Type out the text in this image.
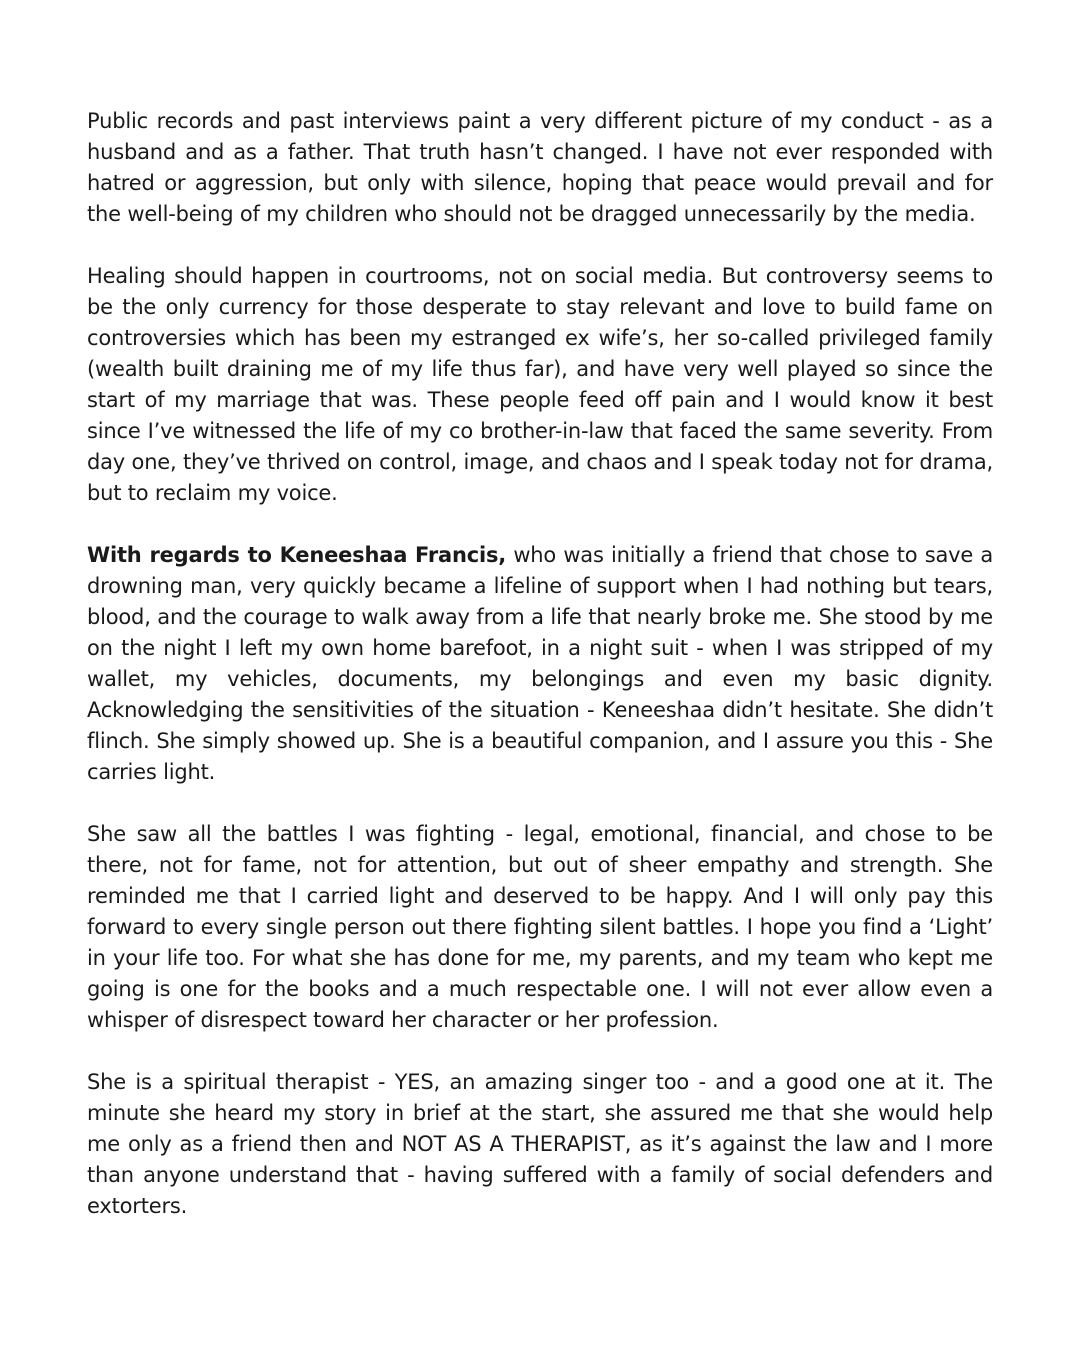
Public records and past interviews paint a very different picture of my conduct - as a husband and as a father. That truth hasn’t changed. I have not ever responded with hatred or aggression, but only with silence, hoping that peace would prevail and for the well-being of my children who should not be dragged unnecessarily by the media.

Healing should happen in courtrooms, not on social media. But controversy seems to be the only currency for those desperate to stay relevant and love to build fame on controversies which has been my estranged ex wife’s, her so-called privileged family (wealth built draining me of my life thus far), and have very well played so since the start of my marriage that was. These people feed off pain and I would know it best since I’ve witnessed the life of my co brother-in-law that faced the same severity. From day one, they’ve thrived on control, image, and chaos and I speak today not for drama, but to reclaim my voice.

With regards to Keneeshaa Francis, who was initially a friend that chose to save a drowning man, very quickly became a lifeline of support when I had nothing but tears, blood, and the courage to walk away from a life that nearly broke me. She stood by me on the night I left my own home barefoot, in a night suit - when I was stripped of my wallet, my vehicles, documents, my belongings and even my basic dignity. Acknowledging the sensitivities of the situation - Keneeshaa didn’t hesitate. She didn’t flinch. She simply showed up. She is a beautiful companion, and I assure you this - She carries light.

She saw all the battles I was fighting - legal, emotional, financial, and chose to be there, not for fame, not for attention, but out of sheer empathy and strength. She reminded me that I carried light and deserved to be happy. And I will only pay this forward to every single person out there fighting silent battles. I hope you find a ‘Light’ in your life too. For what she has done for me, my parents, and my team who kept me going is one for the books and a much respectable one. I will not ever allow even a whisper of disrespect toward her character or her profession.

She is a spiritual therapist - YES, an amazing singer too - and a good one at it. The minute she heard my story in brief at the start, she assured me that she would help me only as a friend then and NOT AS A THERAPIST, as it’s against the law and I more than anyone understand that - having suffered with a family of social defenders and extorters.
